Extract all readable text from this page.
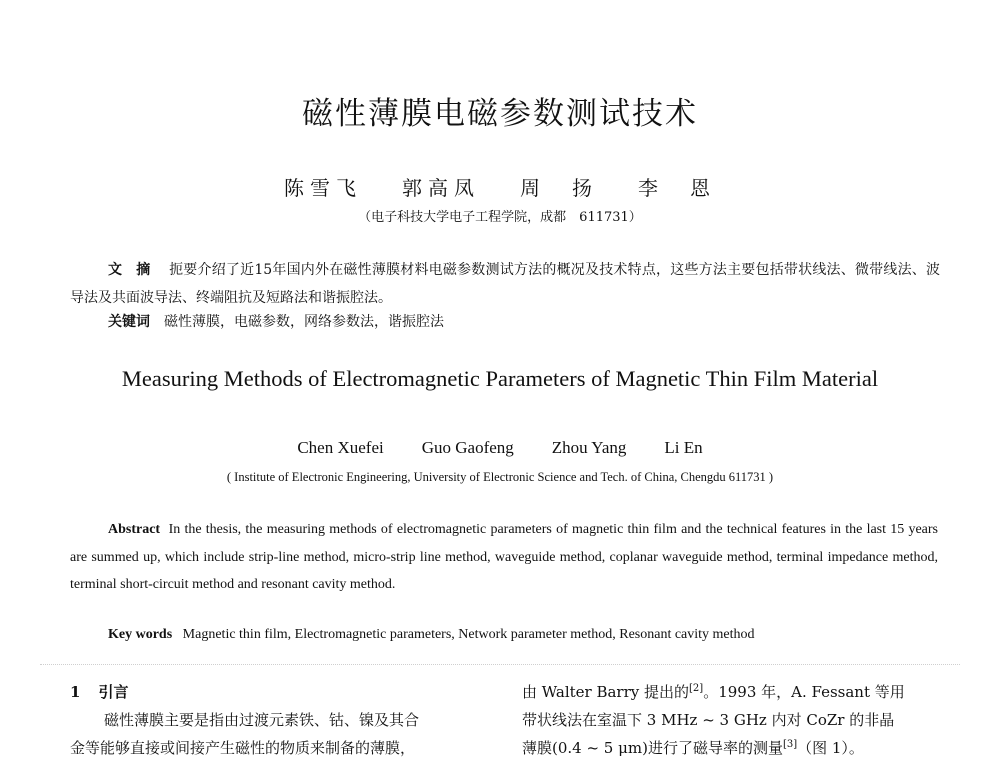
磁性薄膜电磁参数测试技术
陈雪飞 郭高凤 周　扬 李　恩
（电子科技大学电子工程学院，成都　611731）
文摘 扼要介绍了近15年国内外在磁性薄膜材料电磁参数测试方法的概况及技术特点，这些方法主要包括带状线法、微带线法、波导法及共面波导法、终端阻抗及短路法和谐振腔法。
关键词　 磁性薄膜，电磁参数，网络参数法，谐振腔法
Measuring Methods of Electromagnetic Parameters of Magnetic Thin Film Material
Chen Xuefei Guo Gaofeng Zhou Yang Li En
( Institute of Electronic Engineering, University of Electronic Science and Tech. of China, Chengdu 611731 )
Abstract In the thesis, the measuring methods of electromagnetic parameters of magnetic thin film and the technical features in the last 15 years are summed up, which include strip-line method, micro-strip line method, waveguide method, coplanar waveguide method, terminal impedance method, terminal short-circuit method and resonant cavity method.
Key words Magnetic thin film, Electromagnetic parameters, Network parameter method, Resonant cavity method
1 引言
磁性薄膜主要是指由过渡元素铁、钴、镍及其合
金等能够直接或间接产生磁性的物质来制备的薄膜，
由 Walter Barry 提出的[2]。1993 年，A. Fessant 等用
带状线法在室温下 3 MHz ~ 3 GHz 内对 CoZr 的非晶
薄膜(0.4 ~ 5 μm)进行了磁导率的测量[3]（图 1）。
